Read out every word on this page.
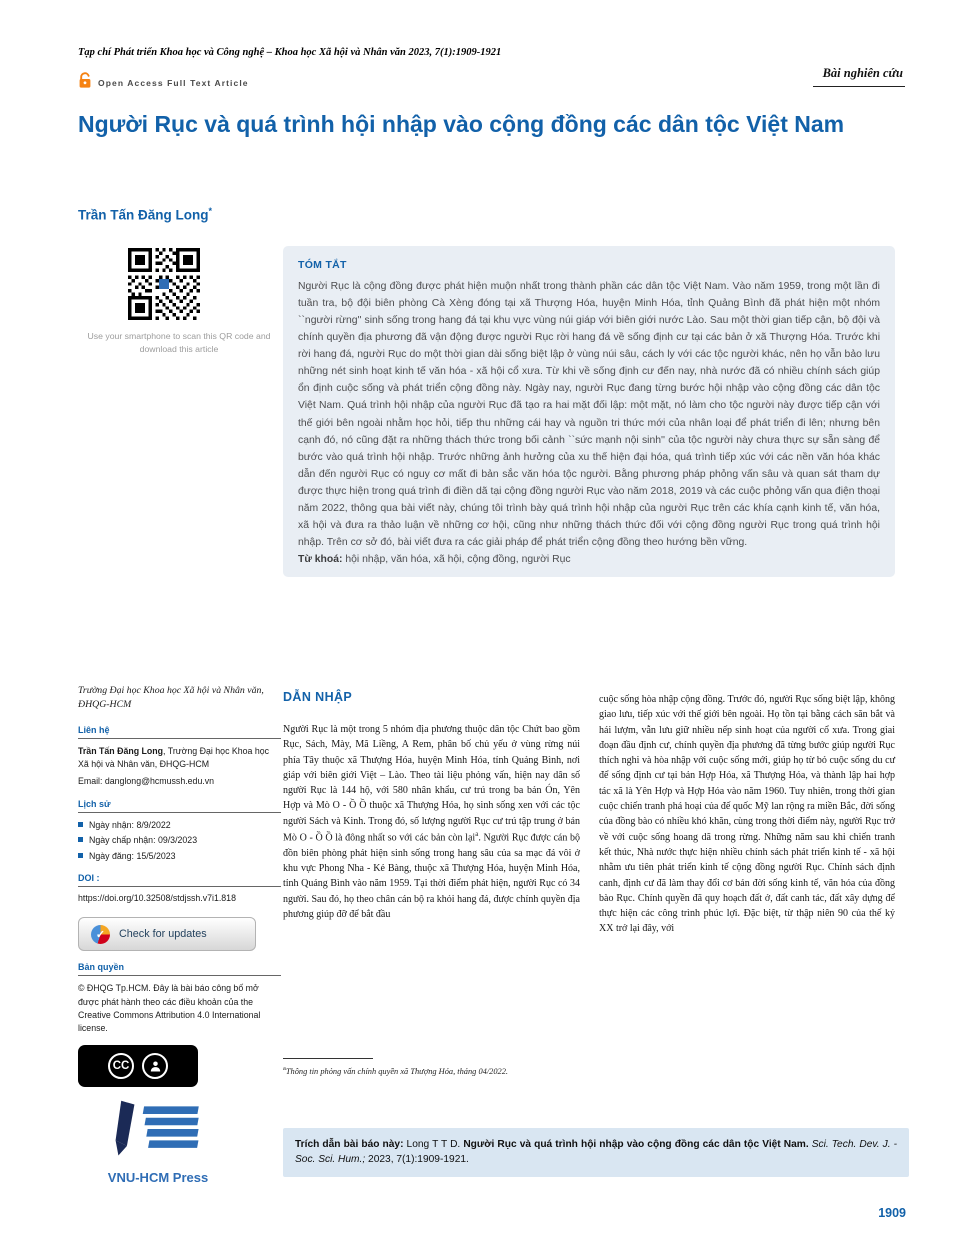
Tạp chí Phát triển Khoa học và Công nghệ – Khoa học Xã hội và Nhân văn 2023, 7(1):1909-1921
Open Access Full Text Article
Bài nghiên cứu
Người Rục và quá trình hội nhập vào cộng đồng các dân tộc Việt Nam
Trần Tấn Đăng Long*
Use your smartphone to scan this QR code and download this article
TÓM TẮT

Người Rục là cộng đồng được phát hiện muộn nhất trong thành phần các dân tộc Việt Nam. Vào năm 1959, trong một lần đi tuần tra, bộ đội biên phòng Cà Xèng đóng tại xã Thượng Hóa, huyện Minh Hóa, tỉnh Quảng Bình đã phát hiện một nhóm ``người rừng'' sinh sống trong hang đá tại khu vực vùng núi giáp với biên giới nước Lào. Sau một thời gian tiếp cận, bộ đội và chính quyền địa phương đã vận động được người Rục rời hang đá về sống định cư tại các bản ở xã Thượng Hóa. Trước khi rời hang đá, người Rục do một thời gian dài sống biệt lập ở vùng núi sâu, cách ly với các tộc người khác, nên họ vẫn bảo lưu những nét sinh hoạt kinh tế văn hóa - xã hội cổ xưa. Từ khi về sống định cư đến nay, nhà nước đã có nhiều chính sách giúp ổn định cuộc sống và phát triển cộng đồng này. Ngày nay, người Rục đang từng bước hội nhập vào cộng đồng các dân tộc Việt Nam. Quá trình hội nhập của người Rục đã tạo ra hai mặt đối lập: một mặt, nó làm cho tộc người này được tiếp cận với thế giới bên ngoài nhằm học hỏi, tiếp thu những cái hay và nguồn tri thức mới của nhân loại để phát triển đi lên; nhưng bên cạnh đó, nó cũng đặt ra những thách thức trong bối cảnh ``sức mạnh nội sinh'' của tộc người này chưa thực sự sẵn sàng để bước vào quá trình hội nhập. Trước những ảnh hưởng của xu thế hiện đại hóa, quá trình tiếp xúc với các nền văn hóa khác dẫn đến người Rục có nguy cơ mất đi bản sắc văn hóa tộc người. Bằng phương pháp phỏng vấn sâu và quan sát tham dự được thực hiện trong quá trình đi điền dã tại cộng đồng người Rục vào năm 2018, 2019 và các cuộc phỏng vấn qua điện thoại năm 2022, thông qua bài viết này, chúng tôi trình bày quá trình hội nhập của người Rục trên các khía cạnh kinh tế, văn hóa, xã hội và đưa ra thảo luận về những cơ hội, cũng như những thách thức đối với cộng đồng người Rục trong quá trình hội nhập. Trên cơ sở đó, bài viết đưa ra các giải pháp để phát triển cộng đồng theo hướng bền vững.

Từ khoá: hội nhập, văn hóa, xã hội, cộng đồng, người Rục
Trường Đại học Khoa học Xã hội và Nhân văn, ĐHQG-HCM
Liên hệ
Trần Tấn Đăng Long, Trường Đại học Khoa học Xã hội và Nhân văn, ĐHQG-HCM
Email: danglong@hcmussh.edu.vn
Lịch sử
Ngày nhận: 8/9/2022
Ngày chấp nhận: 09/3/2023
Ngày đăng: 15/5/2023
DOI :
https://doi.org/10.32508/stdjssh.v7i1.818
✓
Check for updates
Bản quyền
© ĐHQG Tp.HCM. Đây là bài báo công bố mở được phát hành theo các điều khoản của the Creative Commons Attribution 4.0 International license.
CC
VNU-HCM Press
DẪN NHẬP

Người Rục là một trong 5 nhóm địa phương thuộc dân tộc Chứt bao gồm Rục, Sách, Mày, Mã Liềng, A Rem, phân bố chủ yếu ở vùng rừng núi phía Tây thuộc xã Thượng Hóa, huyện Minh Hóa, tỉnh Quảng Bình, nơi giáp với biên giới Việt – Lào. Theo tài liệu phỏng vấn, hiện nay dân số người Rục là 144 hộ, với 580 nhân khẩu, cư trú trong ba bản Ón, Yên Hợp và Mò O - Ồ Ồ thuộc xã Thượng Hóa, họ sinh sống xen với các tộc người Sách và Kinh. Trong đó, số lượng người Rục cư trú tập trung ở bản Mò O - Ồ Ồ là đông nhất so với các bản còn lại$^a$. Người Rục được cán bộ đồn biên phòng phát hiện sinh sống trong hang sâu của sa mạc đá vôi ở khu vực Phong Nha - Kẻ Bàng, thuộc xã Thượng Hóa, huyện Minh Hóa, tỉnh Quảng Bình vào năm 1959. Tại thời điểm phát hiện, người Rục có 34 người. Sau đó, họ theo chân cán bộ ra khỏi hang đá, được chính quyền địa phương giúp đỡ để bắt đầu

$^a$Thông tin phỏng vấn chính quyền xã Thượng Hóa, tháng 04/2022.

cuộc sống hòa nhập cộng đồng. Trước đó, người Rục sống biệt lập, không giao lưu, tiếp xúc với thế giới bên ngoài. Họ tồn tại bằng cách săn bắt và hái lượm, vẫn lưu giữ nhiều nếp sinh hoạt của người cổ xưa. Trong giai đoạn đầu định cư, chính quyền địa phương đã từng bước giúp người Rục thích nghi và hòa nhập với cuộc sống mới, giúp họ từ bỏ cuộc sống du cư để sống định cư tại bản Hợp Hóa, xã Thượng Hóa, và thành lập hai hợp tác xã là Yên Hợp và Hợp Hóa vào năm 1960. Tuy nhiên, trong thời gian cuộc chiến tranh phá hoại của đế quốc Mỹ lan rộng ra miền Bắc, đời sống của đồng bào có nhiều khó khăn, cùng trong thời điểm này, người Rục trở về với cuộc sống hoang dã trong rừng. Những năm sau khi chiến tranh kết thúc, Nhà nước thực hiện nhiều chính sách phát triển kinh tế - xã hội nhằm ưu tiên phát triển kinh tế cộng đồng người Rục. Chính sách định canh, định cư đã làm thay đổi cơ bản đời sống kinh tế, văn hóa của đồng bào Rục. Chính quyền đã quy hoạch đất ở, đất canh tác, đất xây dựng để thực hiện các công trình phúc lợi. Đặc biệt, từ thập niên 90 của thế kỷ XX trở lại đây, với

Trích dẫn bài báo này: Long T T D. Người Rục và quá trình hội nhập vào cộng đồng các dân tộc Việt Nam. Sci. Tech. Dev. J. - Soc. Sci. Hum.; 2023, 7(1):1909-1921.
1909
